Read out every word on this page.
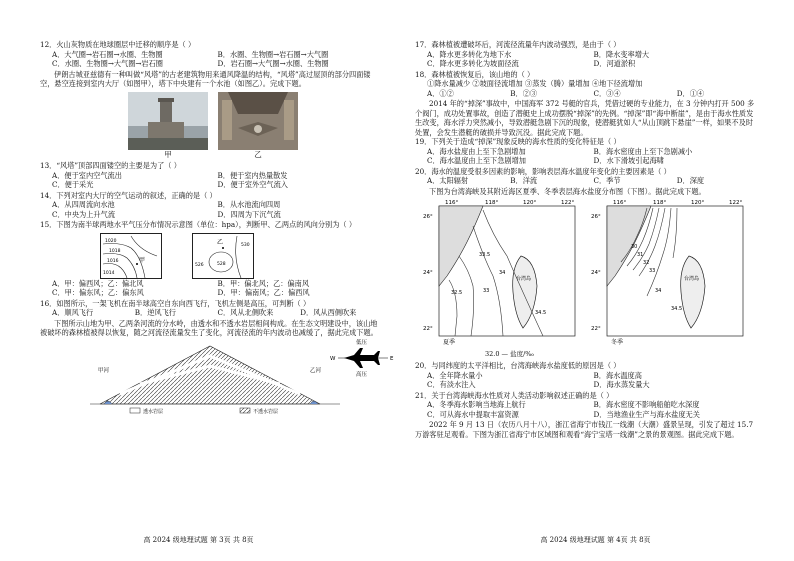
12．火山灰物质在地球圈层中迁移的顺序是（ ）
A．大气圈→岩石圈→水圈、生物圈	B．水圈、生物圈→岩石圈→大气圈
C．水圈、生物圈→大气圈→岩石圈	D．岩石圈→大气圈→水圈、生物圈
伊朗古城亚兹德有一种叫做“风塔”的古老建筑物用来通风降温的结构，“风塔”高过屋顶的部分四面镂空，悬空连接到室内大厅（如图甲），塔下中央建有一个水池（如图乙）。完成下题。
甲	乙
13．“风塔”顶部四面镂空的主要是为了（ ）
A．便于室内空气流出	B．便于室内热量散发
C．便于采光	D．便于室外空气流入
14．下列对室内大厅的空气运动的叙述，正确的是（ ）
A．从四周流向水池	B．从水池流向四周
C．中央为上升气流	D．四周为下沉气流
15．下图为南半球两地水平气压分布情况示意图（单位：hpa），判断甲、乙两点的风向分别为（ ）
1020
1018
1016
1014
甲
530
526	528
乙
A．甲：偏西风；乙：偏北风	B．甲：偏北风；乙：偏南风
C．甲：偏东风；乙：偏东风	D．甲：偏南风；乙：偏西风
低压
W	E
高压
16．如图所示，一架飞机在南半球高空自东向西飞行，飞机左侧是高压，可判断（ ）
A．顺风飞行	B．逆风飞行	C．风从北侧吹来	D．风从西侧吹来
下图所示山地为甲、乙两条河流的分水岭，由透水和不透水岩层相间构成。在生态文明建设中，该山地被破坏的森林植被得以恢复，随之河流径流量发生了变化，河流径流的年内波动也减缓了，据此完成下题。
甲河	乙河
透水岩层	不透水岩层
高 2024 级地理试题 第 3页 共 8页
17．森林植被遭破坏后，河流径流量年内波动强烈，是由于（ ）
A．降水更多转化为地下水	B．降水变率增大
C．降水更多转化为坡面径流	D．河道淤积
18．森林植被恢复后，该山地的（ ）
①降水量减少 ②坡面径流增加 ③蒸发（腾）量增加 ④地下径流增加
A．①②	B．②③	C．③④	D．①④
2014 年的“掉深”事故中，中国海军 372 号艇的官兵，凭借过硬的专业能力，在 3 分钟内打开 500 多个阀门，成功处置事故，创造了潜艇史上成功摆脱“掉深”的先例。“掉深”即“海中断崖”，是由于海水性质发生改变，海水浮力突然减小，导致潜艇急剧下沉的现象，使潜艇犹如人“从山顶跳下悬崖”一样，如果不及时处置，会发生潜艇的破损并导致沉没。据此完成下题。
19．下列关于造成“掉深”现象反映的海水性质的变化特征是（ ）
A．海水盐度由上至下急剧增加	B．海水密度由上至下急剧减小
C．海水温度由上至下急剧增加	D．水下滑坡引起海啸
20．海水的温度受很多因素的影响，影响表层海水温度年变化的主要因素是（ ）
A．太阳辐射	B．洋流	C．季节	D．深度
下图为台湾海峡及其附近海区夏季、冬季表层海水盐度分布图（下图）。据此完成下题。
116°	118°	120°	122°
26°
24°
22°
33.5
32.5	33
34
34.5
台湾岛
夏季
116°	118°	120°	122°
26°
24°
22°
30
31
32
33
34
34.5
台湾岛
冬季
32.0 — 盐度/‰
20．与同纬度的太平洋相比，台湾海峡海水盐度低的原因是（ ）
A．全年降水量小	B．海水温度高
C．有淡水注入	D．海水蒸发量大
21．关于台湾海峡海水性质对人类活动影响叙述正确的是（ ）
A．冬季海水影响当地海上航行	B．海水密度不影响船舶吃水深度
C．可从海水中提取丰富资源	D．当地渔业生产与海水盐度无关
2022 年 9 月 13 日（农历八月十八），浙江省海宁市钱江一线潮（大潮）盛景呈现，引发了超过 15.7 万游客驻足观看。下图为浙江省海宁市区域图和观看“海宁宝塔一线潮”之景的景观图。据此完成下题。
高 2024 级地理试题 第 4页 共 8页
